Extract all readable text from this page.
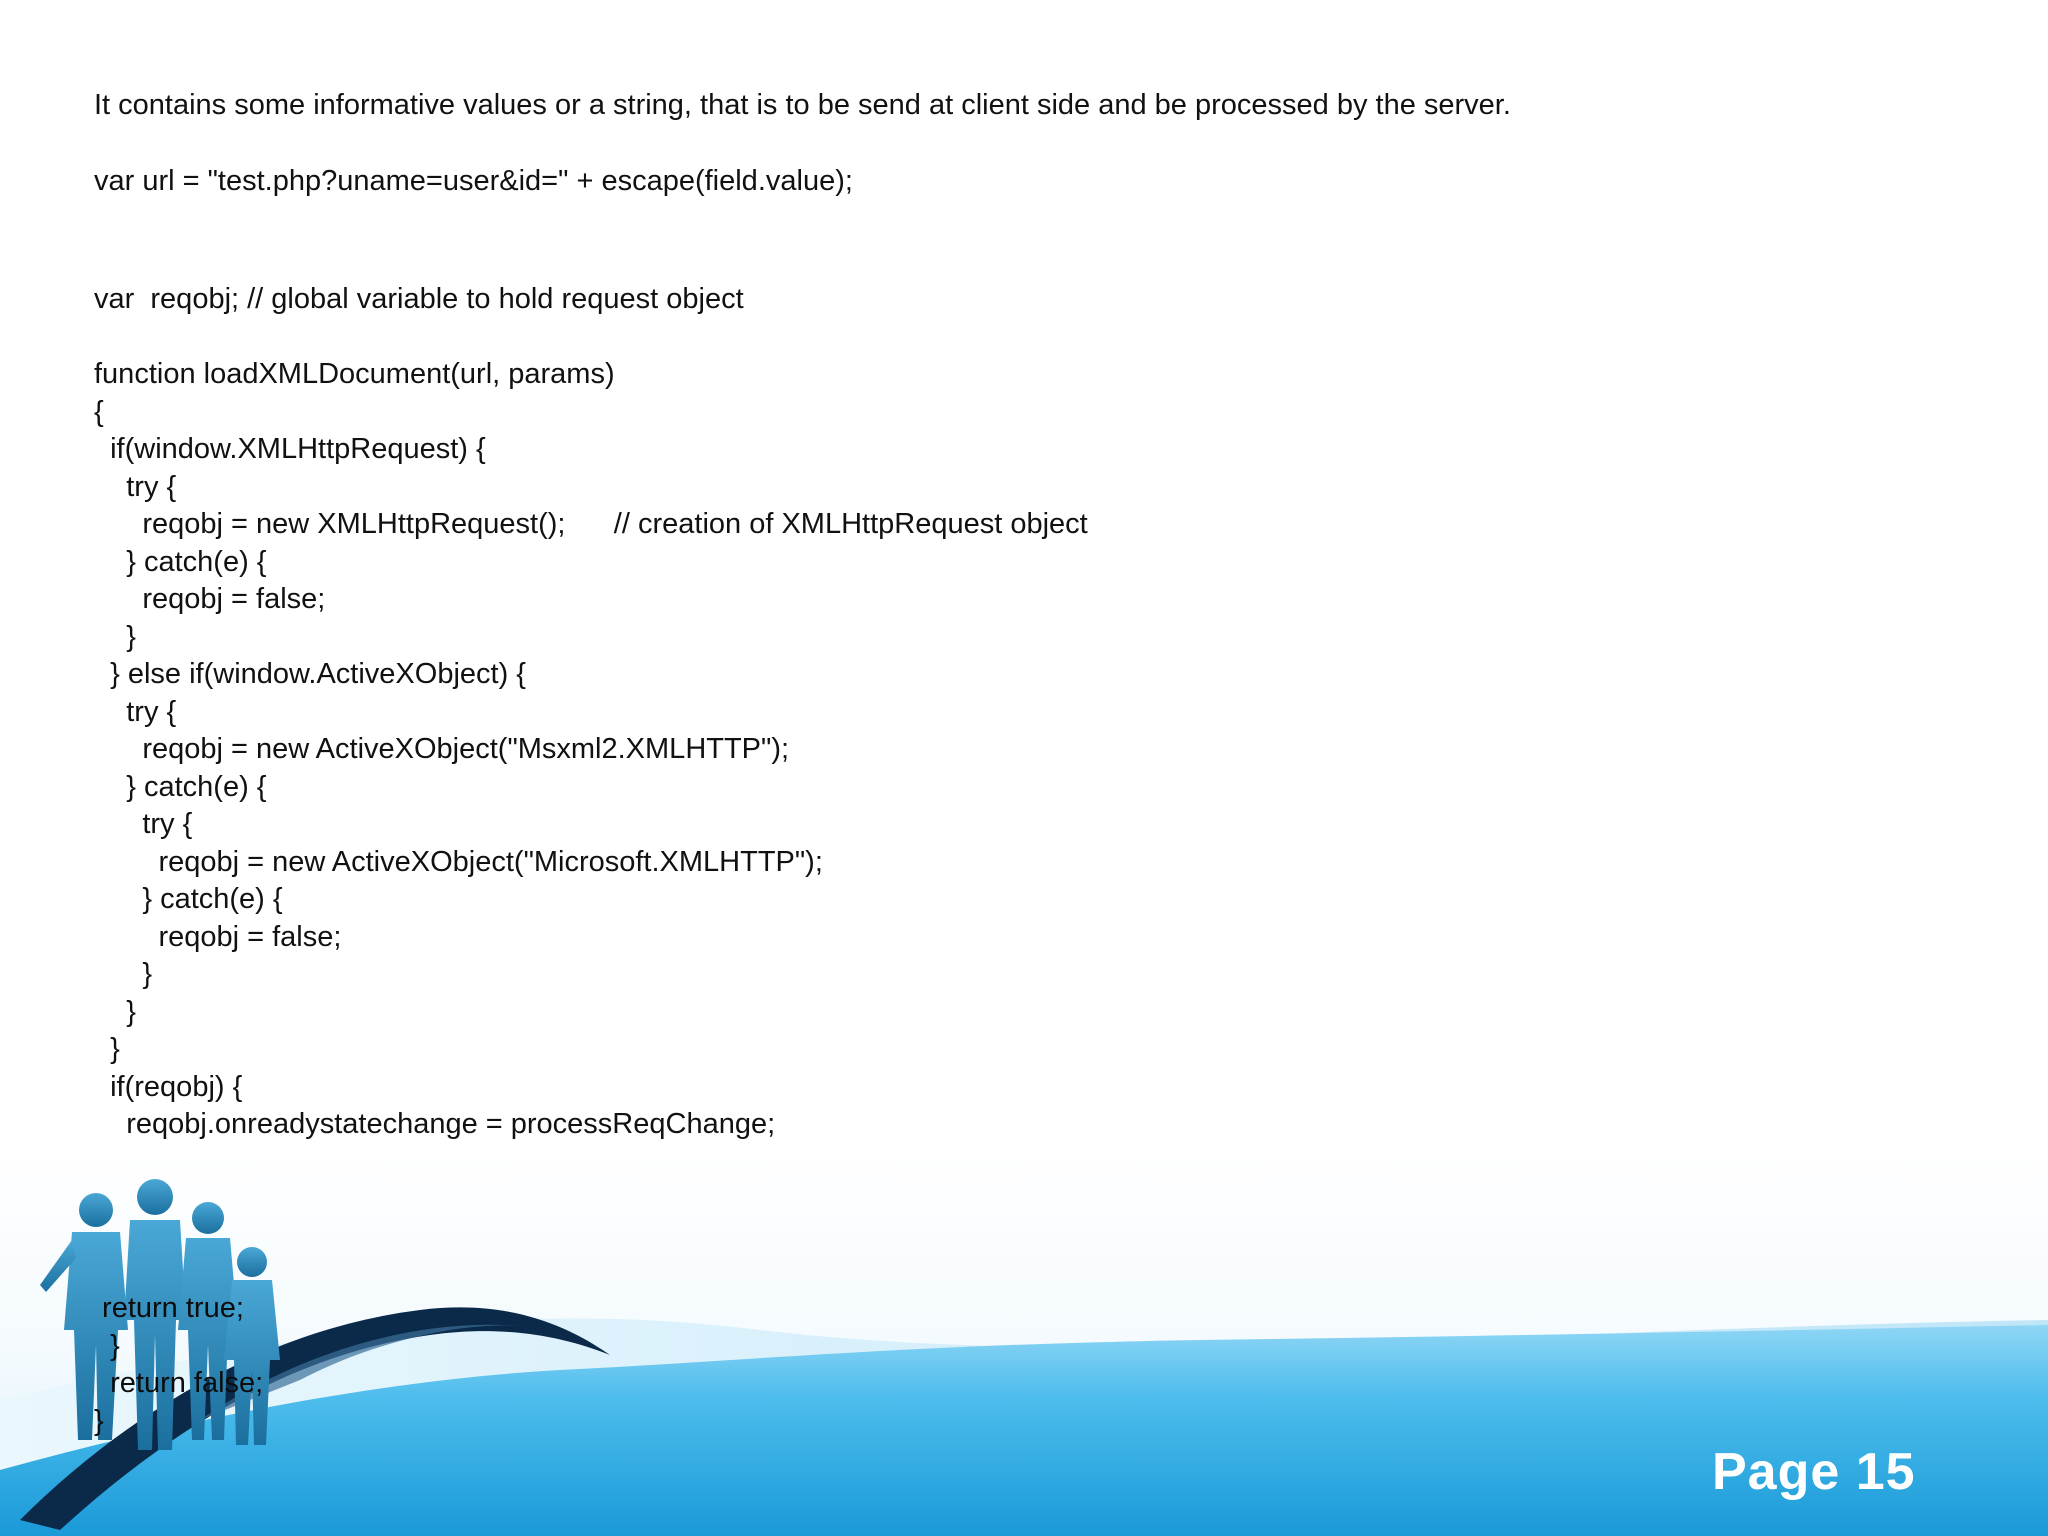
It contains some informative values or a string, that is to be send at client side and be processed by the server.
var url = "test.php?uname=user&id=" + escape(field.value);
var  reqobj; // global variable to hold request object
function loadXMLDocument(url, params)
{
if(window.XMLHttpRequest) {
try {
reqobj = new XMLHttpRequest();      // creation of XMLHttpRequest object
} catch(e) {
reqobj = false;
}
} else if(window.ActiveXObject) {
try {
reqobj = new ActiveXObject("Msxml2.XMLHTTP");
} catch(e) {
try {
reqobj = new ActiveXObject("Microsoft.XMLHTTP");
} catch(e) {
reqobj = false;
}
}
}
if(reqobj) {
reqobj.onreadystatechange = processReqChange;
return true;
}
return false;
}
Page 15
